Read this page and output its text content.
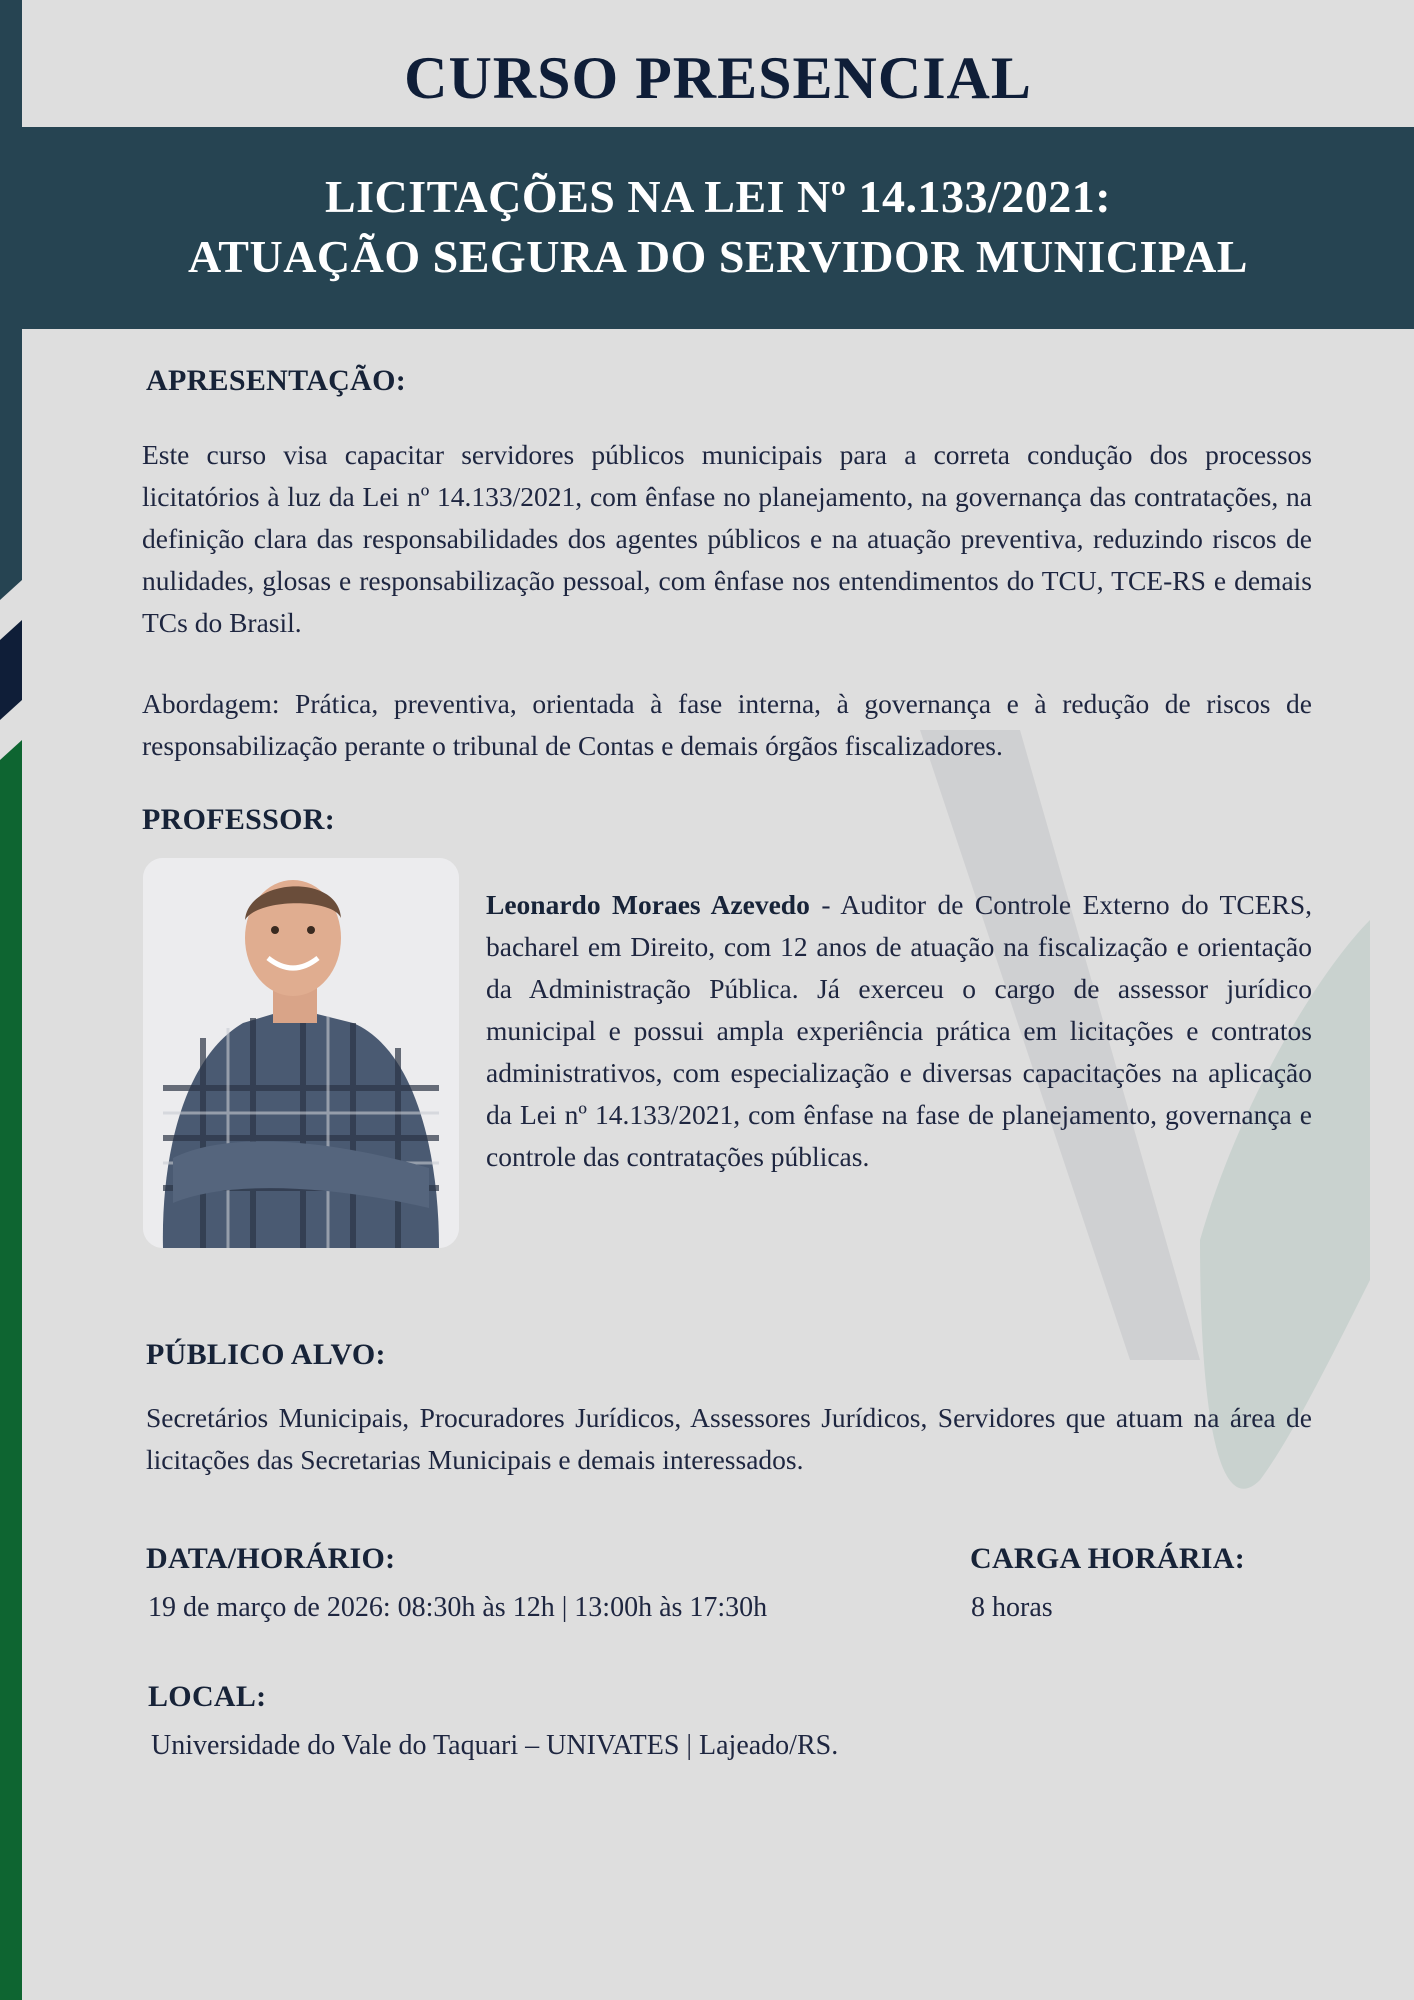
CURSO PRESENCIAL
LICITAÇÕES NA LEI Nº 14.133/2021:
ATUAÇÃO SEGURA DO SERVIDOR MUNICIPAL
APRESENTAÇÃO:

Este curso visa capacitar servidores públicos municipais para a correta condução dos processos licitatórios à luz da Lei nº 14.133/2021, com ênfase no planejamento, na governança das contratações, na definição clara das responsabilidades dos agentes públicos e na atuação preventiva, reduzindo riscos de nulidades, glosas e responsabilização pessoal, com ênfase nos entendimentos do TCU, TCE-RS e demais TCs do Brasil.

Abordagem: Prática, preventiva, orientada à fase interna, à governança e à redução de riscos de responsabilização perante o tribunal de Contas e demais órgãos fiscalizadores.

PROFESSOR:

Leonardo Moraes Azevedo - Auditor de Controle Externo do TCERS, bacharel em Direito, com 12 anos de atuação na fiscalização e orientação da Administração Pública. Já exerceu o cargo de assessor jurídico municipal e possui ampla experiência prática em licitações e contratos administrativos, com especialização e diversas capacitações na aplicação da Lei nº 14.133/2021, com ênfase na fase de planejamento, governança e controle das contratações públicas.

PÚBLICO ALVO:

Secretários Municipais, Procuradores Jurídicos, Assessores Jurídicos, Servidores que atuam na área de licitações das Secretarias Municipais e demais interessados.

DATA/HORÁRIO:
19 de março de 2026: 08:30h às 12h | 13:00h às 17:30h
CARGA HORÁRIA:
8 horas
LOCAL:
Universidade do Vale do Taquari – UNIVATES | Lajeado/RS.
